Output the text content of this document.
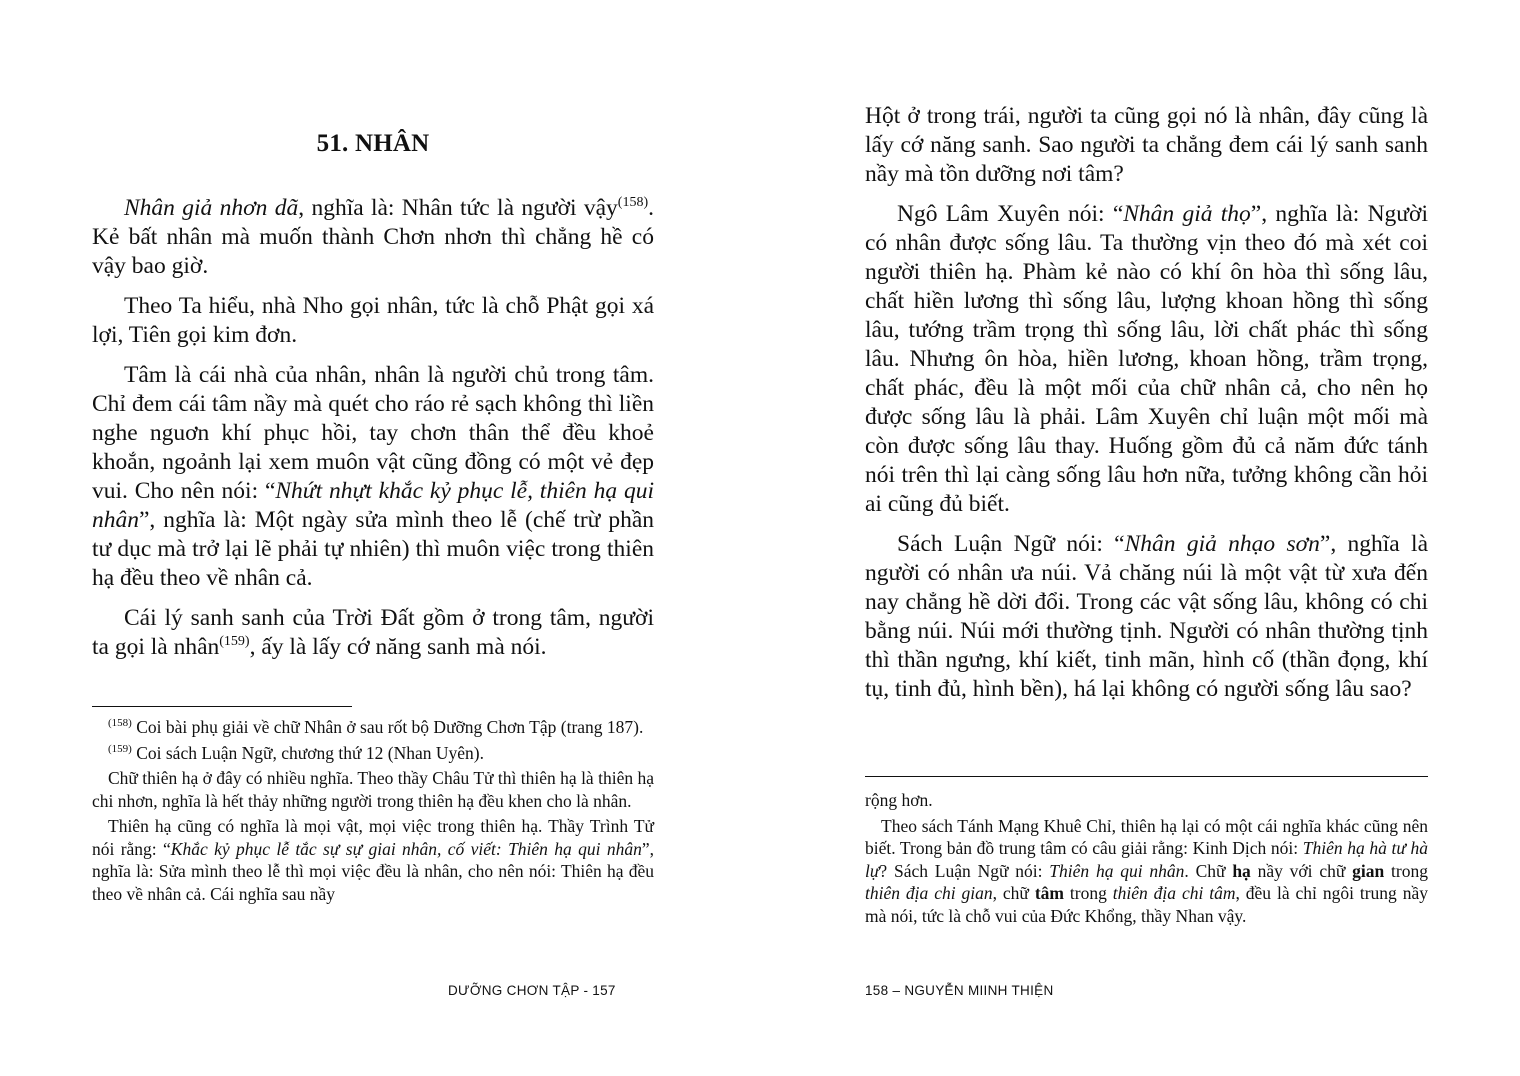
51. NHÂN

Nhân giả nhơn dã, nghĩa là: Nhân tức là người vậy$^{(158)}$. Kẻ bất nhân mà muốn thành Chơn nhơn thì chẳng hề có vậy bao giờ.

Theo Ta hiểu, nhà Nho gọi nhân, tức là chỗ Phật gọi xá lợi, Tiên gọi kim đơn.

Tâm là cái nhà của nhân, nhân là người chủ trong tâm. Chỉ đem cái tâm nầy mà quét cho ráo rẻ sạch không thì liền nghe nguơn khí phục hồi, tay chơn thân thể đều khoẻ khoắn, ngoảnh lại xem muôn vật cũng đồng có một vẻ đẹp vui. Cho nên nói: “Nhứt nhựt khắc kỷ phục lễ, thiên hạ qui nhân”, nghĩa là: Một ngày sửa mình theo lễ (chế trừ phần tư dục mà trở lại lẽ phải tự nhiên) thì muôn việc trong thiên hạ đều theo về nhân cả.

Cái lý sanh sanh của Trời Đất gồm ở trong tâm, người ta gọi là nhân$^{(159)}$, ấy là lấy cớ năng sanh mà nói.

$^{(158)}$ Coi bài phụ giải về chữ Nhân ở sau rốt bộ Dưỡng Chơn Tập (trang 187).

$^{(159)}$ Coi sách Luận Ngữ, chương thứ 12 (Nhan Uyên).

Chữ thiên hạ ở đây có nhiều nghĩa. Theo thầy Châu Tử thì thiên hạ là thiên hạ chi nhơn, nghĩa là hết thảy những người trong thiên hạ đều khen cho là nhân.

Thiên hạ cũng có nghĩa là mọi vật, mọi việc trong thiên hạ. Thầy Trình Tử nói rằng: “Khắc kỷ phục lễ tắc sự sự giai nhân, cố viết: Thiên hạ qui nhân”, nghĩa là: Sửa mình theo lễ thì mọi việc đều là nhân, cho nên nói: Thiên hạ đều theo về nhân cả. Cái nghĩa sau nầy

DƯỠNG CHƠN TẬP - 157

Hột ở trong trái, người ta cũng gọi nó là nhân, đây cũng là lấy cớ năng sanh. Sao người ta chẳng đem cái lý sanh sanh nầy mà tồn dưỡng nơi tâm?

Ngô Lâm Xuyên nói: “Nhân giả thọ”, nghĩa là: Người có nhân được sống lâu. Ta thường vịn theo đó mà xét coi người thiên hạ. Phàm kẻ nào có khí ôn hòa thì sống lâu, chất hiền lương thì sống lâu, lượng khoan hồng thì sống lâu, tướng trầm trọng thì sống lâu, lời chất phác thì sống lâu. Nhưng ôn hòa, hiền lương, khoan hồng, trầm trọng, chất phác, đều là một mối của chữ nhân cả, cho nên họ được sống lâu là phải. Lâm Xuyên chỉ luận một mối mà còn được sống lâu thay. Huống gồm đủ cả năm đức tánh nói trên thì lại càng sống lâu hơn nữa, tưởng không cần hỏi ai cũng đủ biết.

Sách Luận Ngữ nói: “Nhân giả nhạo sơn”, nghĩa là người có nhân ưa núi. Vả chăng núi là một vật từ xưa đến nay chẳng hề dời đổi. Trong các vật sống lâu, không có chi bằng núi. Núi mới thường tịnh. Người có nhân thường tịnh thì thần ngưng, khí kiết, tinh mãn, hình cố (thần đọng, khí tụ, tinh đủ, hình bền), há lại không có người sống lâu sao?

rộng hơn.

Theo sách Tánh Mạng Khuê Chỉ, thiên hạ lại có một cái nghĩa khác cũng nên biết. Trong bản đồ trung tâm có câu giải rằng: Kinh Dịch nói: Thiên hạ hà tư hà lự? Sách Luận Ngữ nói: Thiên hạ qui nhân. Chữ hạ nầy với chữ gian trong thiên địa chi gian, chữ tâm trong thiên địa chi tâm, đều là chỉ ngôi trung nầy mà nói, tức là chỗ vui của Đức Khổng, thầy Nhan vậy.

158 – NGUYỄN MIINH THIỆN
